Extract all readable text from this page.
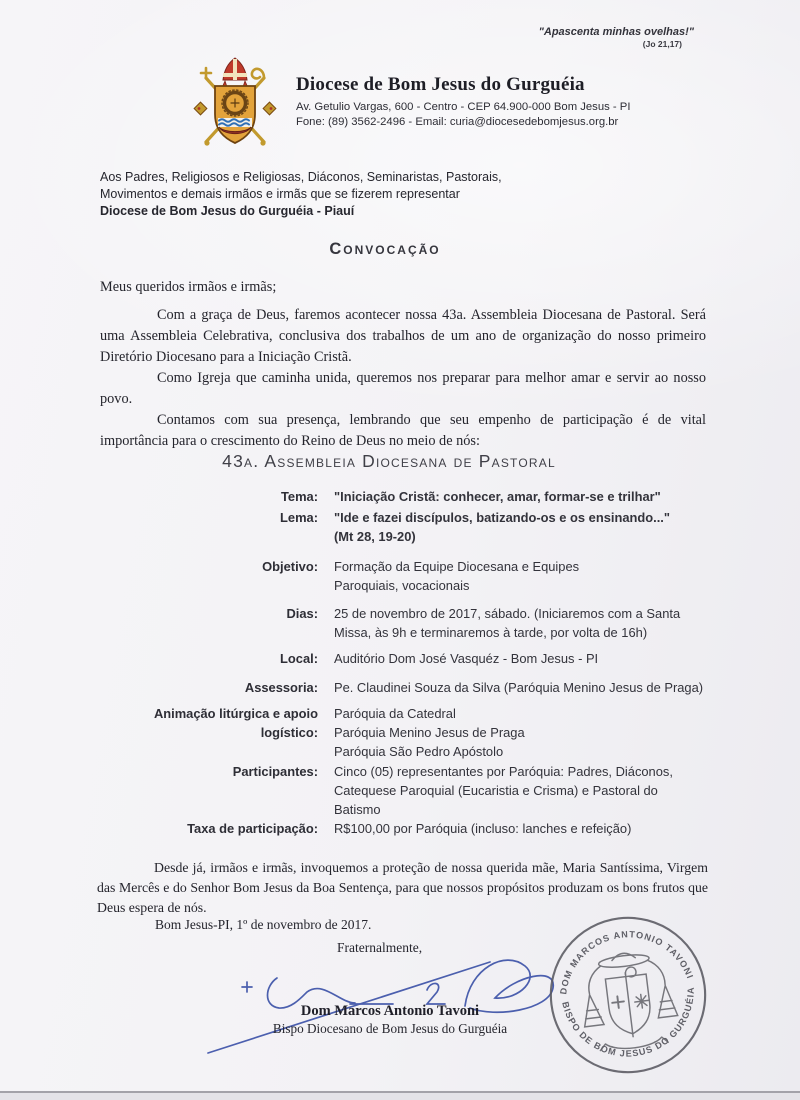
"Apascenta minhas ovelhas!"
(Jo 21,17)
Diocese de Bom Jesus do Gurguéia
Av. Getulio Vargas, 600 - Centro - CEP 64.900-000 Bom Jesus - PI
Fone: (89) 3562-2496 - Email: curia@diocesedebomjesus.org.br
Aos Padres, Religiosos e Religiosas, Diáconos, Seminaristas, Pastorais,
Movimentos e demais irmãos e irmãs que se fizerem representar
Diocese de Bom Jesus do Gurguéia - Piauí
Convocação

Meus queridos irmãos e irmãs;

Com a graça de Deus, faremos acontecer nossa 43a. Assembleia Diocesana de Pastoral. Será uma Assembleia Celebrativa, conclusiva dos trabalhos de um ano de organização do nosso primeiro Diretório Diocesano para a Iniciação Cristã.

Como Igreja que caminha unida, queremos nos preparar para melhor amar e servir ao nosso povo.

Contamos com sua presença, lembrando que seu empenho de participação é de vital importância para o crescimento do Reino de Deus no meio de nós:

43a. Assembleia Diocesana de Pastoral
Tema: "Iniciação Cristã: conhecer, amar, formar-se e trilhar"
Lema: "Ide e fazei discípulos, batizando-os e os ensinando..."
(Mt 28, 19-20)
Objetivo: Formação da Equipe Diocesana e Equipes
Paroquiais, vocacionais
Dias: 25 de novembro de 2017, sábado. (Iniciaremos com a Santa
Missa, às 9h e terminaremos à tarde, por volta de 16h)
Local: Auditório Dom José Vasquéz - Bom Jesus - PI
Assessoria: Pe. Claudinei Souza da Silva (Paróquia Menino Jesus de Praga)
Animação litúrgica e apoio logístico:
Paróquia da Catedral
Paróquia Menino Jesus de Praga
Paróquia São Pedro Apóstolo
Participantes: Cinco (05) representantes por Paróquia: Padres, Diáconos,
Catequese Paroquial (Eucaristia e Crisma) e Pastoral do
Batismo
Taxa de participação: R$100,00 por Paróquia (incluso: lanches e refeição)
Desde já, irmãos e irmãs, invoquemos a proteção de nossa querida mãe, Maria Santíssima, Virgem das Mercês e do Senhor Bom Jesus da Boa Sentença, para que nossos propósitos produzam os bons frutos que Deus espera de nós.
Bom Jesus-PI, 1º de novembro de 2017.
Fraternalmente,
Dom Marcos Antonio Tavoni
Bispo Diocesano de Bom Jesus do Gurguéia
DOM MARCOS ANTONIO TAVONI
BISPO DE BOM JESUS DO GURGUÉIA
